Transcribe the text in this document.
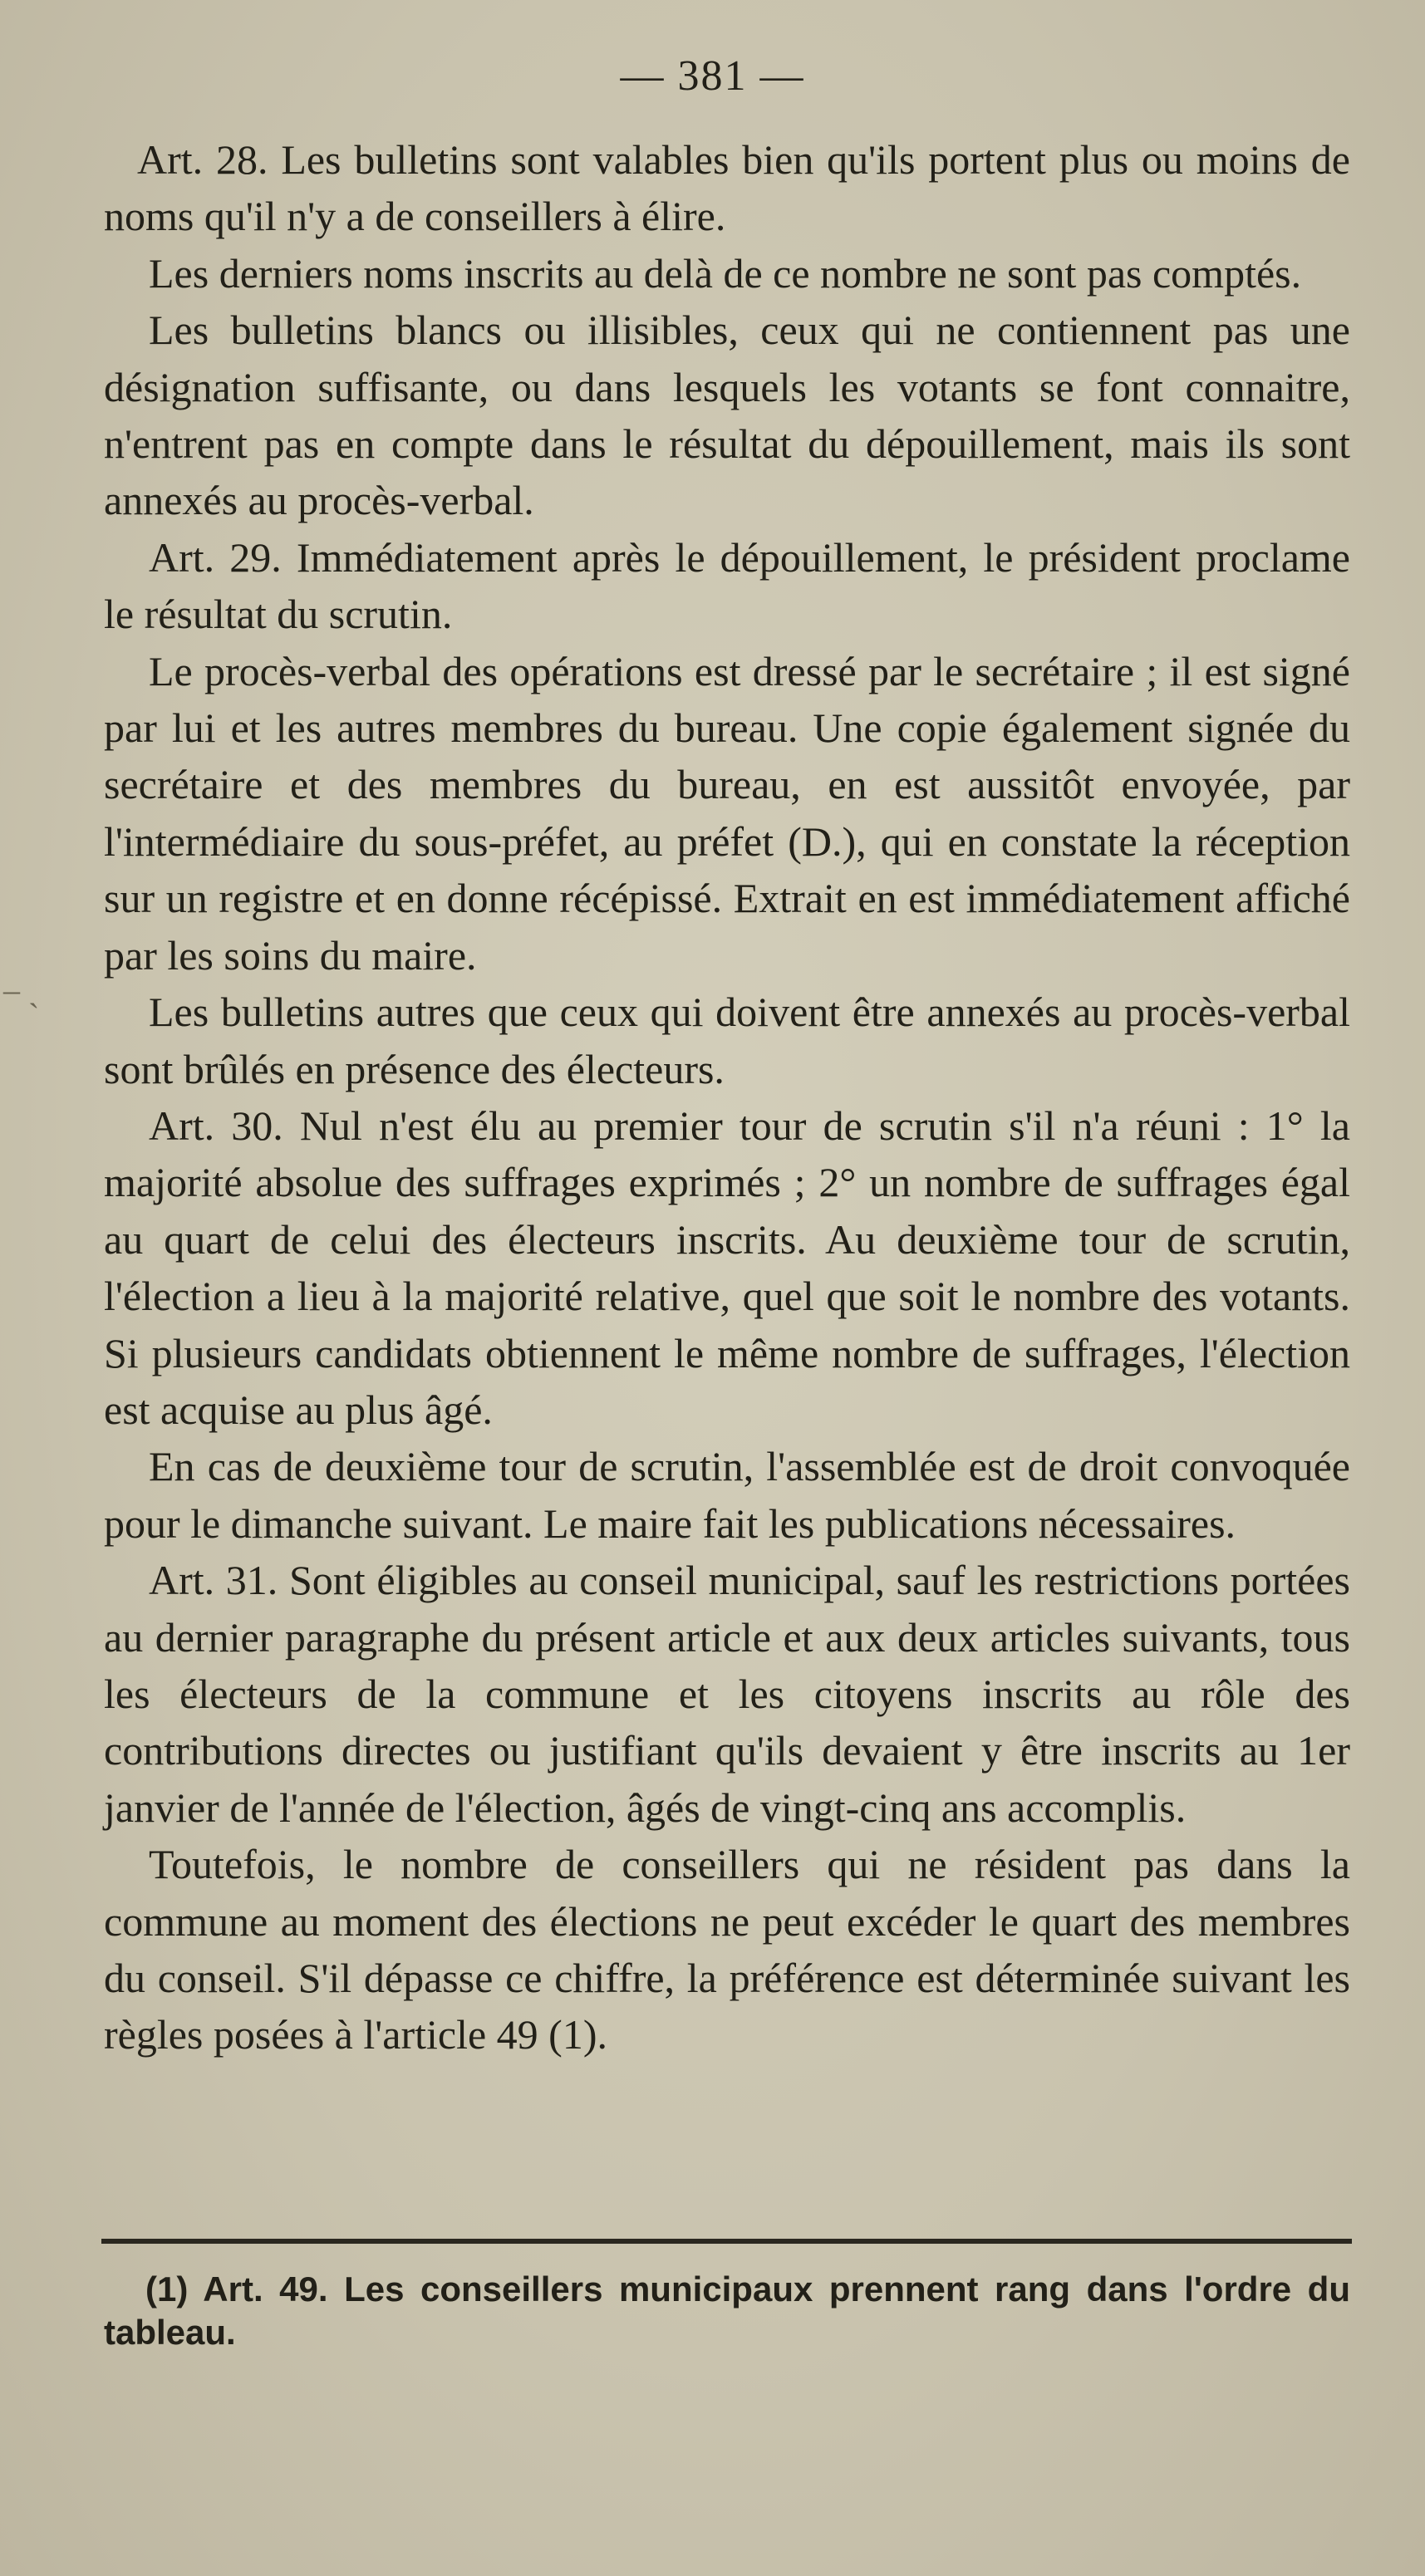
— 381 —
‒ ˎ

Art. 28. Les bulletins sont valables bien qu'ils portent plus ou moins de noms qu'il n'y a de conseillers à élire.

Les derniers noms inscrits au delà de ce nombre ne sont pas comptés.

Les bulletins blancs ou illisibles, ceux qui ne contiennent pas une désignation suffisante, ou dans lesquels les votants se font connaitre, n'entrent pas en compte dans le résultat du dépouillement, mais ils sont annexés au procès-verbal.

Art. 29. Immédiatement après le dépouillement, le président proclame le résultat du scrutin.

Le procès-verbal des opérations est dressé par le secrétaire ; il est signé par lui et les autres membres du bureau. Une copie également signée du secrétaire et des membres du bureau, en est aussitôt envoyée, par l'intermédiaire du sous-préfet, au préfet (D.), qui en constate la réception sur un registre et en donne récépissé. Extrait en est immédiatement affiché par les soins du maire.

Les bulletins autres que ceux qui doivent être annexés au procès-verbal sont brûlés en présence des électeurs.

Art. 30. Nul n'est élu au premier tour de scrutin s'il n'a réuni : 1° la majorité absolue des suffrages exprimés ; 2° un nombre de suffrages égal au quart de celui des électeurs inscrits. Au deuxième tour de scrutin, l'élection a lieu à la majorité relative, quel que soit le nombre des votants. Si plusieurs candidats obtiennent le même nombre de suffrages, l'élection est acquise au plus âgé.

En cas de deuxième tour de scrutin, l'assemblée est de droit convoquée pour le dimanche suivant. Le maire fait les publications nécessaires.

Art. 31. Sont éligibles au conseil municipal, sauf les restrictions portées au dernier paragraphe du présent article et aux deux articles suivants, tous les électeurs de la commune et les citoyens inscrits au rôle des contributions directes ou justifiant qu'ils devaient y être inscrits au 1er janvier de l'année de l'élection, âgés de vingt-cinq ans accomplis.

Toutefois, le nombre de conseillers qui ne résident pas dans la commune au moment des élections ne peut excéder le quart des membres du conseil. S'il dépasse ce chiffre, la préférence est déterminée suivant les règles posées à l'article 49 (1).

(1) Art. 49. Les conseillers municipaux prennent rang dans l'ordre du tableau.
